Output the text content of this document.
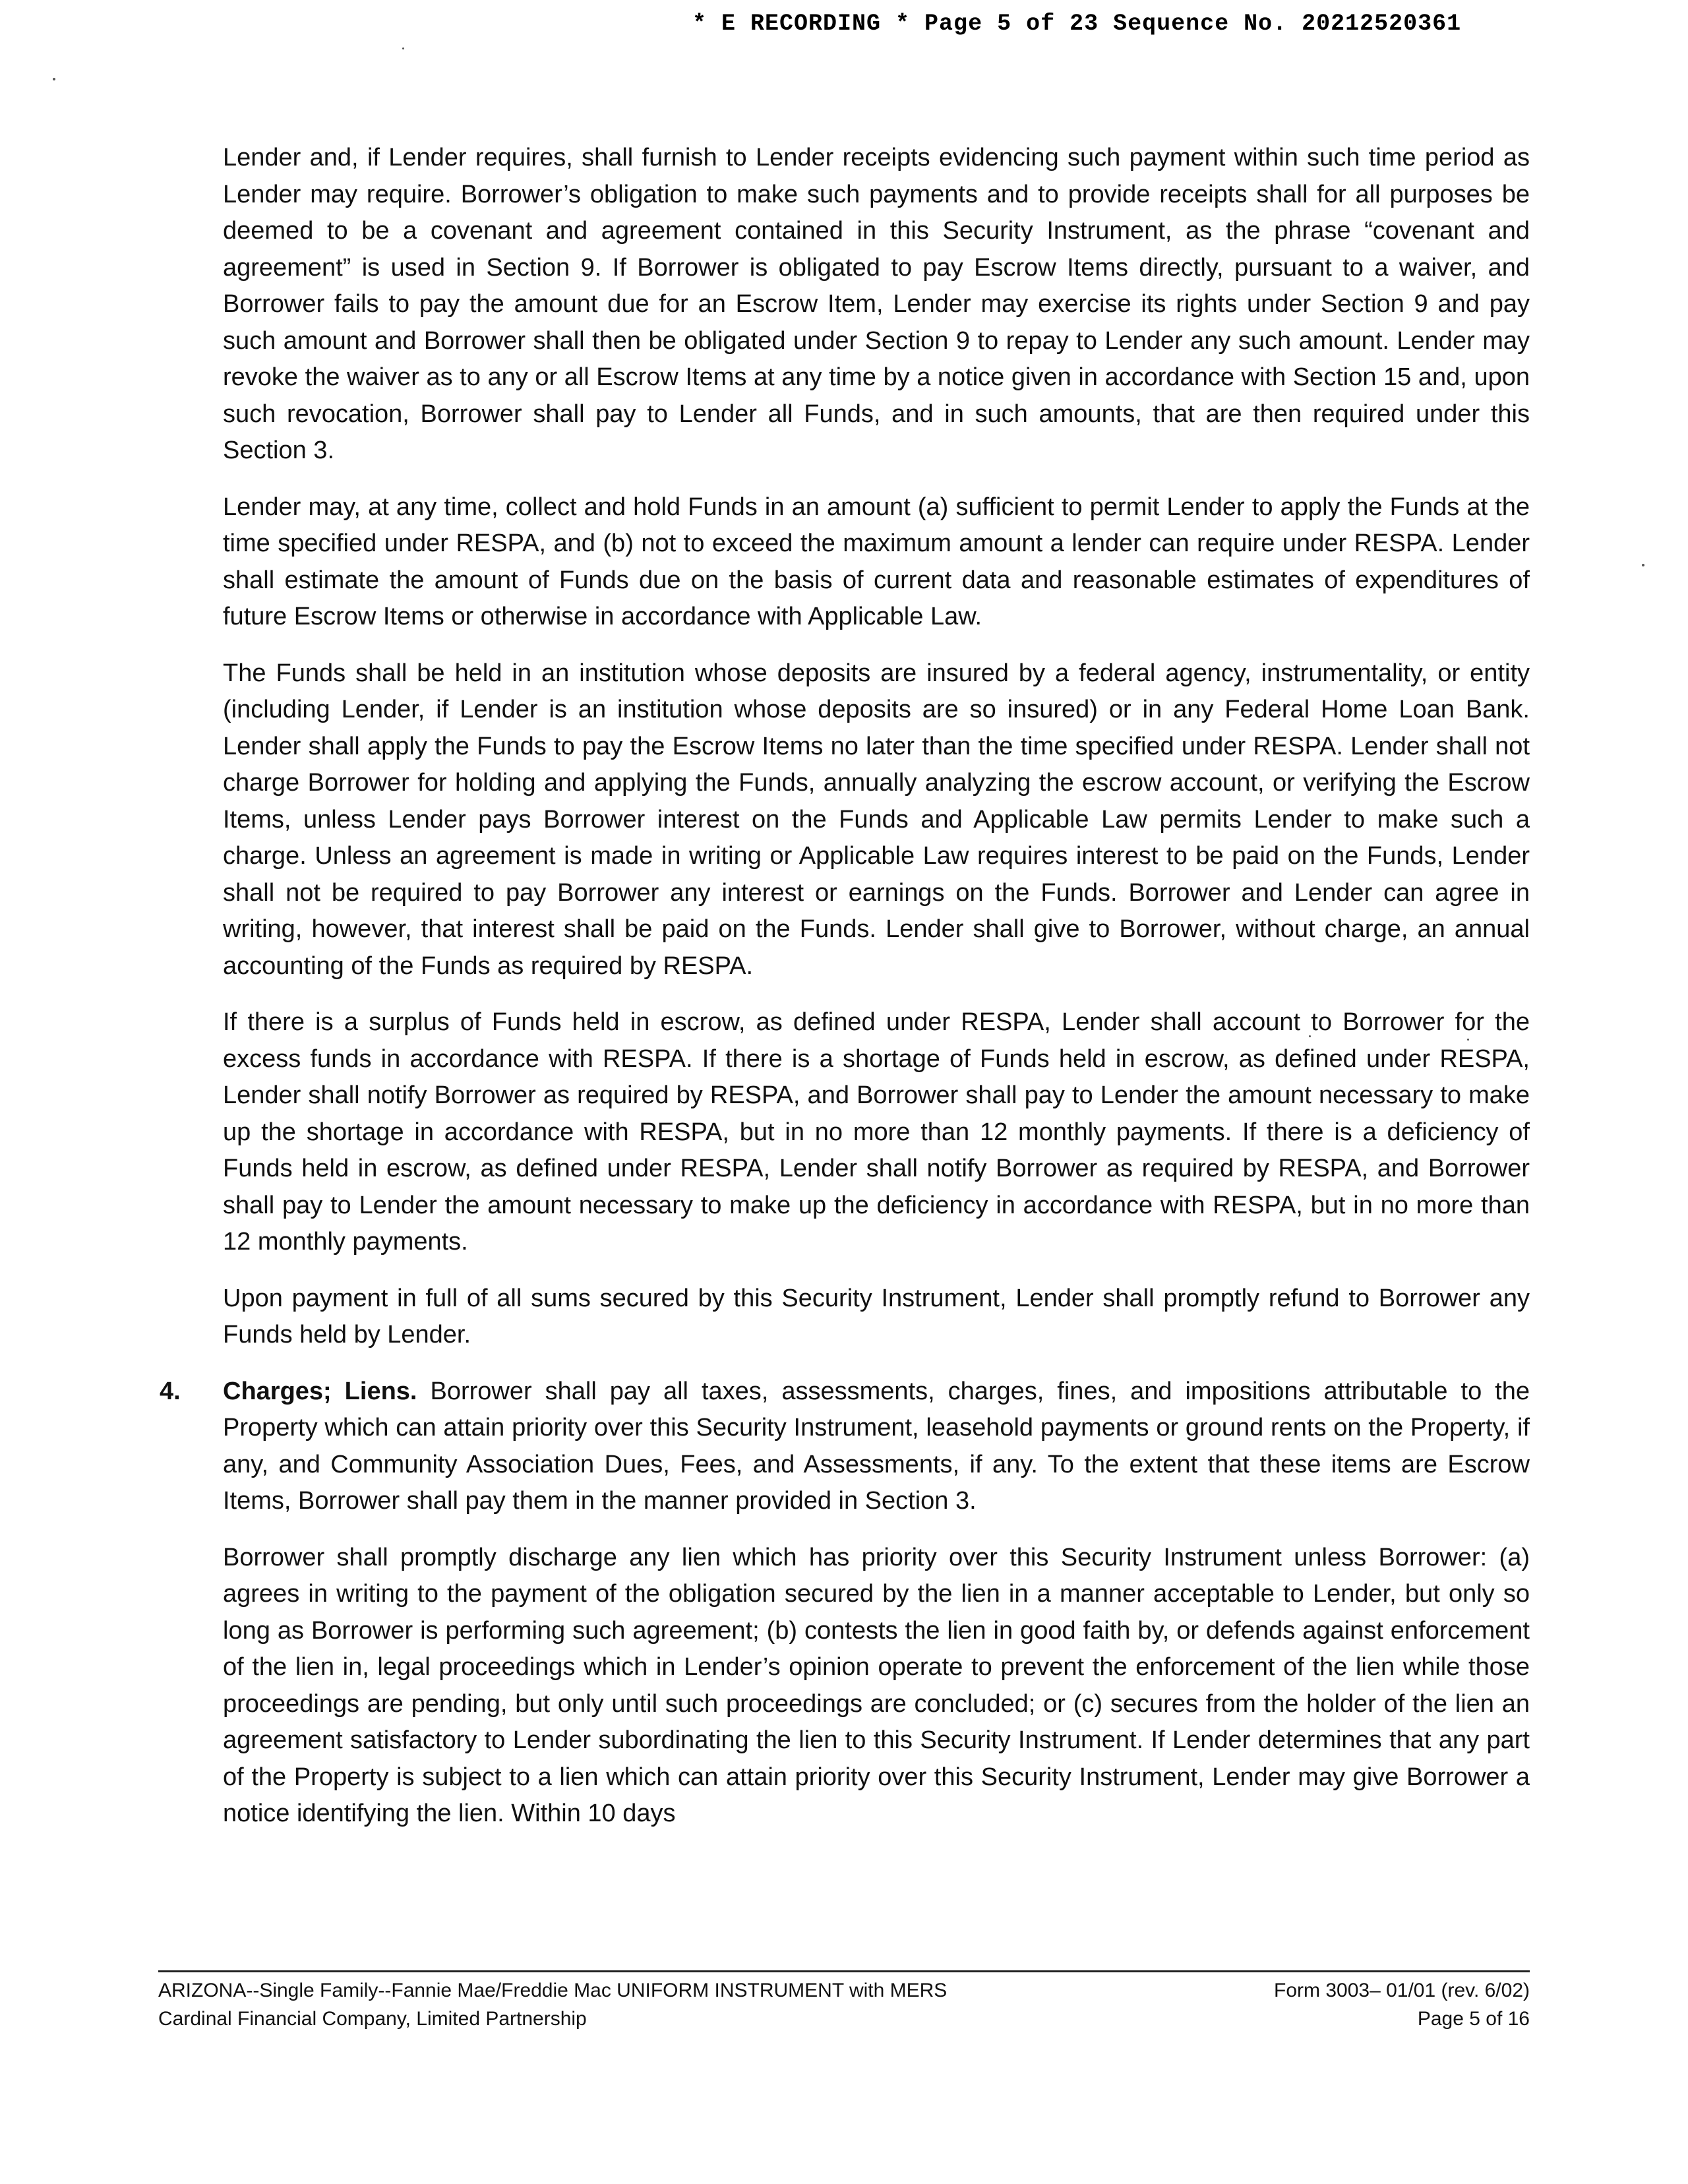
* E RECORDING * Page 5 of 23 Sequence No. 20212520361

Lender and, if Lender requires, shall furnish to Lender receipts evidencing such payment within such time period as Lender may require. Borrower’s obligation to make such payments and to provide receipts shall for all purposes be deemed to be a covenant and agreement contained in this Security Instrument, as the phrase “covenant and agreement” is used in Section 9. If Borrower is obligated to pay Escrow Items directly, pursuant to a waiver, and Borrower fails to pay the amount due for an Escrow Item, Lender may exercise its rights under Section 9 and pay such amount and Borrower shall then be obligated under Section 9 to repay to Lender any such amount. Lender may revoke the waiver as to any or all Escrow Items at any time by a notice given in accordance with Section 15 and, upon such revocation, Borrower shall pay to Lender all Funds, and in such amounts, that are then required under this Section 3.

Lender may, at any time, collect and hold Funds in an amount (a) sufficient to permit Lender to apply the Funds at the time specified under RESPA, and (b) not to exceed the maximum amount a lender can require under RESPA. Lender shall estimate the amount of Funds due on the basis of current data and reasonable estimates of expenditures of future Escrow Items or otherwise in accordance with Applicable Law.

The Funds shall be held in an institution whose deposits are insured by a federal agency, instrumentality, or entity (including Lender, if Lender is an institution whose deposits are so insured) or in any Federal Home Loan Bank. Lender shall apply the Funds to pay the Escrow Items no later than the time specified under RESPA. Lender shall not charge Borrower for holding and applying the Funds, annually analyzing the escrow account, or verifying the Escrow Items, unless Lender pays Borrower interest on the Funds and Applicable Law permits Lender to make such a charge. Unless an agreement is made in writing or Applicable Law requires interest to be paid on the Funds, Lender shall not be required to pay Borrower any interest or earnings on the Funds. Borrower and Lender can agree in writing, however, that interest shall be paid on the Funds. Lender shall give to Borrower, without charge, an annual accounting of the Funds as required by RESPA.

If there is a surplus of Funds held in escrow, as defined under RESPA, Lender shall account to Borrower for the excess funds in accordance with RESPA. If there is a shortage of Funds held in escrow, as defined under RESPA, Lender shall notify Borrower as required by RESPA, and Borrower shall pay to Lender the amount necessary to make up the shortage in accordance with RESPA, but in no more than 12 monthly payments. If there is a deficiency of Funds held in escrow, as defined under RESPA, Lender shall notify Borrower as required by RESPA, and Borrower shall pay to Lender the amount necessary to make up the deficiency in accordance with RESPA, but in no more than 12 monthly payments.

Upon payment in full of all sums secured by this Security Instrument, Lender shall promptly refund to Borrower any Funds held by Lender.

4. Charges; Liens. Borrower shall pay all taxes, assessments, charges, fines, and impositions attributable to the Property which can attain priority over this Security Instrument, leasehold payments or ground rents on the Property, if any, and Community Association Dues, Fees, and Assessments, if any. To the extent that these items are Escrow Items, Borrower shall pay them in the manner provided in Section 3.

Borrower shall promptly discharge any lien which has priority over this Security Instrument unless Borrower: (a) agrees in writing to the payment of the obligation secured by the lien in a manner acceptable to Lender, but only so long as Borrower is performing such agreement; (b) contests the lien in good faith by, or defends against enforcement of the lien in, legal proceedings which in Lender’s opinion operate to prevent the enforcement of the lien while those proceedings are pending, but only until such proceedings are concluded; or (c) secures from the holder of the lien an agreement satisfactory to Lender subordinating the lien to this Security Instrument. If Lender determines that any part of the Property is subject to a lien which can attain priority over this Security Instrument, Lender may give Borrower a notice identifying the lien. Within 10 days

ARIZONA--Single Family--Fannie Mae/Freddie Mac UNIFORM INSTRUMENT with MERS
Cardinal Financial Company, Limited Partnership
Form 3003– 01/01 (rev. 6/02)
Page 5 of 16
